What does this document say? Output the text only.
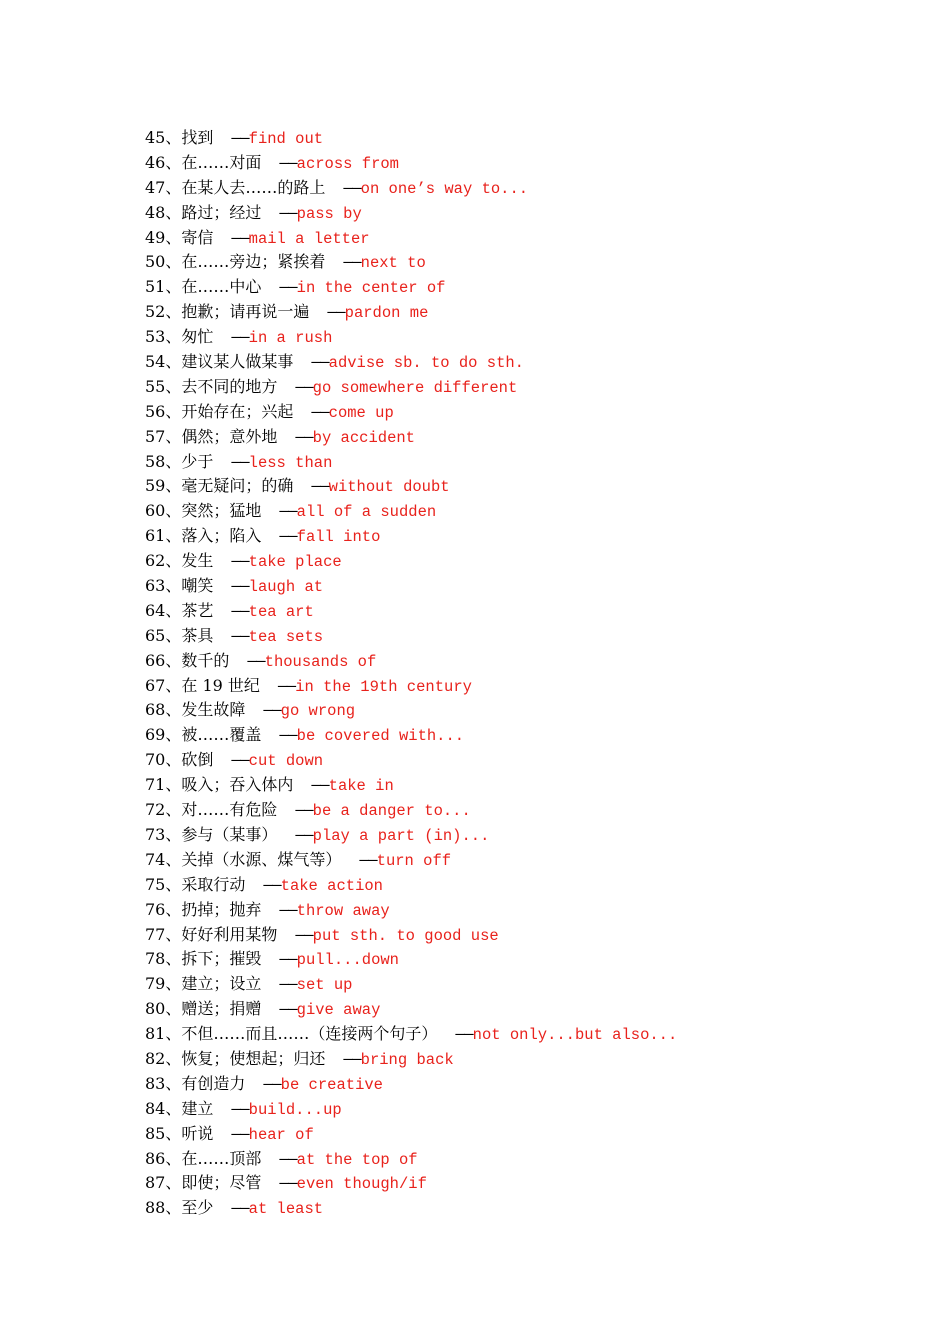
45、找到 ——find out
46、在……对面 ——across from
47、在某人去……的路上 ——on one’s way to...
48、路过；经过 ——pass by
49、寄信 ——mail a letter
50、在……旁边；紧挨着 ——next to
51、在……中心 ——in the center of
52、抱歉；请再说一遍 ——pardon me
53、匆忙 ——in a rush
54、建议某人做某事 ——advise sb. to do sth.
55、去不同的地方 ——go somewhere different
56、开始存在；兴起 ——come up
57、偶然；意外地 ——by accident
58、少于 ——less than
59、毫无疑问；的确 ——without doubt
60、突然；猛地 ——all of a sudden
61、落入；陷入 ——fall into
62、发生 ——take place
63、嘲笑 ——laugh at
64、茶艺 ——tea art
65、茶具 ——tea sets
66、数千的 ——thousands of
67、在 19 世纪 ——in the 19th century
68、发生故障 ——go wrong
69、被……覆盖 ——be covered with...
70、砍倒 ——cut down
71、吸入；吞入体内 ——take in
72、对……有危险 ——be a danger to...
73、参与（某事） ——play a part (in)...
74、关掉（水源、煤气等） ——turn off
75、采取行动 ——take action
76、扔掉；抛弃 ——throw away
77、好好利用某物 ——put sth. to good use
78、拆下；摧毁 ——pull...down
79、建立；设立 ——set up
80、赠送；捐赠 ——give away
81、不但……而且……（连接两个句子） ——not only...but also...
82、恢复；使想起；归还 ——bring back
83、有创造力 ——be creative
84、建立 ——build...up
85、听说 ——hear of
86、在……顶部 ——at the top of
87、即使；尽管 ——even though/if
88、至少 ——at least
